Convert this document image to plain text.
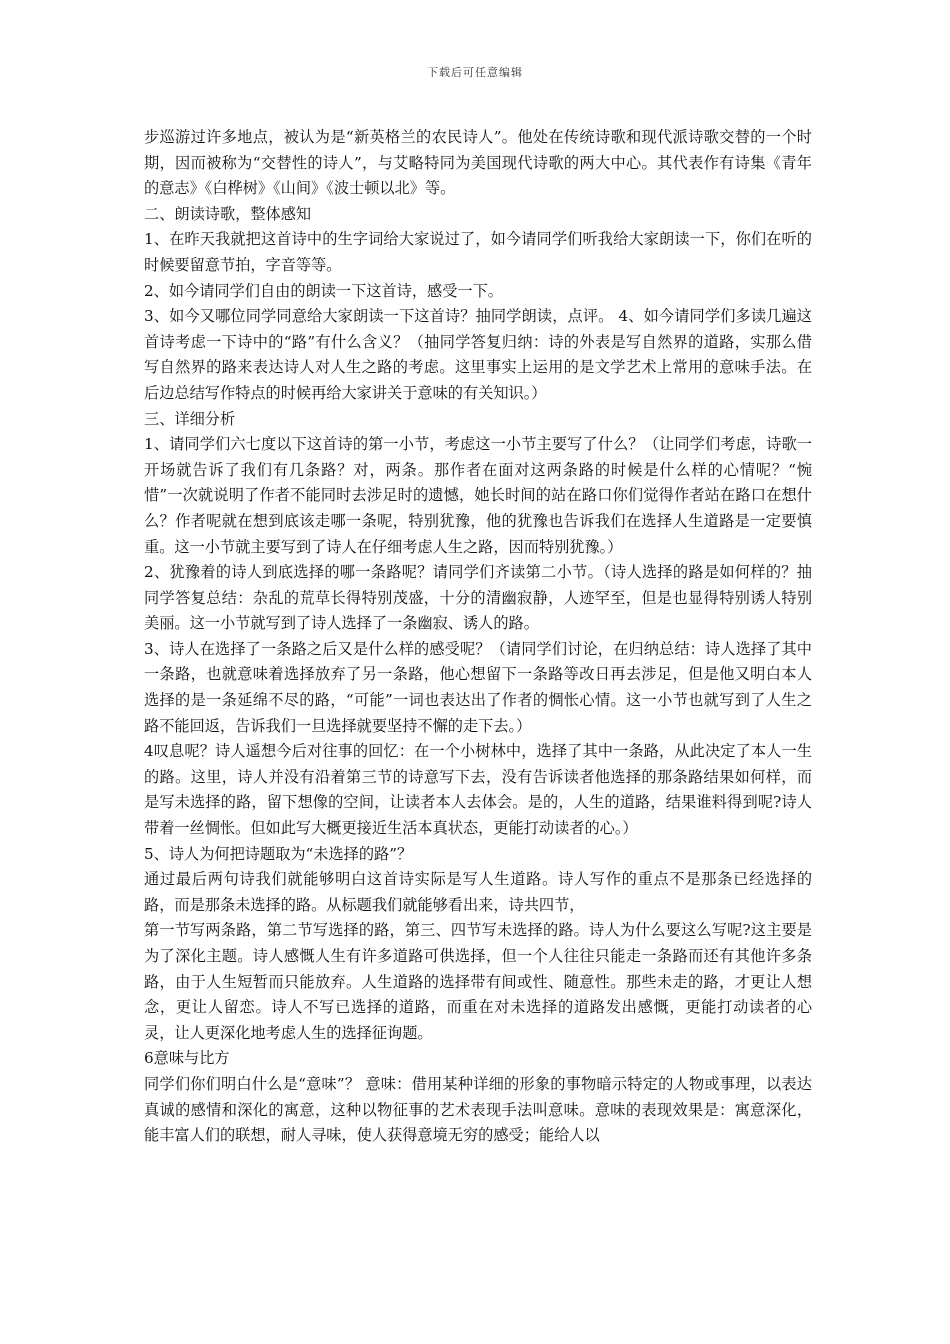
下载后可任意编辑

步巡游过许多地点，被认为是“新英格兰的农民诗人”。他处在传统诗歌和现代派诗歌交替的一个时期，因而被称为“交替性的诗人”，与艾略特同为美国现代诗歌的两大中心。其代表作有诗集《青年的意志》《白桦树》《山间》《波士顿以北》等。

二、朗读诗歌，整体感知

1、在昨天我就把这首诗中的生字词给大家说过了，如今请同学们听我给大家朗读一下，你们在听的时候要留意节拍，字音等等。

2、如今请同学们自由的朗读一下这首诗，感受一下。

3、如今又哪位同学同意给大家朗读一下这首诗？抽同学朗读，点评。 4、如今请同学们多读几遍这首诗考虑一下诗中的“路”有什么含义？（抽同学答复归纳：诗的外表是写自然界的道路，实那么借写自然界的路来表达诗人对人生之路的考虑。这里事实上运用的是文学艺术上常用的意味手法。在后边总结写作特点的时候再给大家讲关于意味的有关知识。）

三、详细分析

1、请同学们六七度以下这首诗的第一小节，考虑这一小节主要写了什么？（让同学们考虑，诗歌一开场就告诉了我们有几条路？对，两条。那作者在面对这两条路的时候是什么样的心情呢？“惋惜”一次就说明了作者不能同时去涉足时的遗憾，她长时间的站在路口你们觉得作者站在路口在想什么？作者呢就在想到底该走哪一条呢，特别犹豫，他的犹豫也告诉我们在选择人生道路是一定要慎重。这一小节就主要写到了诗人在仔细考虑人生之路，因而特别犹豫。）

2、犹豫着的诗人到底选择的哪一条路呢？请同学们齐读第二小节。（诗人选择的路是如何样的？抽同学答复总结：杂乱的荒草长得特别茂盛，十分的清幽寂静，人迹罕至，但是也显得特别诱人特别美丽。这一小节就写到了诗人选择了一条幽寂、诱人的路。

3、诗人在选择了一条路之后又是什么样的感受呢？（请同学们讨论，在归纳总结：诗人选择了其中一条路，也就意味着选择放弃了另一条路，他心想留下一条路等改日再去涉足，但是他又明白本人选择的是一条延绵不尽的路，“可能”一词也表达出了作者的惆怅心情。这一小节也就写到了人生之路不能回返，告诉我们一旦选择就要坚持不懈的走下去。）

4叹息呢？诗人遥想今后对往事的回忆：在一个小树林中，选择了其中一条路，从此决定了本人一生的路。这里，诗人并没有沿着第三节的诗意写下去，没有告诉读者他选择的那条路结果如何样，而是写未选择的路，留下想像的空间，让读者本人去体会。是的，人生的道路，结果谁料得到呢?诗人带着一丝惆怅。但如此写大概更接近生活本真状态，更能打动读者的心。）

5、诗人为何把诗题取为“未选择的路”？

通过最后两句诗我们就能够明白这首诗实际是写人生道路。诗人写作的重点不是那条已经选择的路，而是那条未选择的路。从标题我们就能够看出来，诗共四节，

第一节写两条路，第二节写选择的路，第三、四节写未选择的路。诗人为什么要这么写呢?这主要是为了深化主题。诗人感慨人生有许多道路可供选择，但一个人往往只能走一条路而还有其他许多条路，由于人生短暂而只能放弃。人生道路的选择带有间或性、随意性。那些未走的路，才更让人想念，更让人留恋。诗人不写已选择的道路，而重在对未选择的道路发出感慨，更能打动读者的心灵，让人更深化地考虑人生的选择征询题。

6意味与比方

同学们你们明白什么是“意味”？ 意味：借用某种详细的形象的事物暗示特定的人物或事理，以表达真诚的感情和深化的寓意，这种以物征事的艺术表现手法叫意味。意味的表现效果是：寓意深化，能丰富人们的联想，耐人寻味，使人获得意境无穷的感受；能给人以
